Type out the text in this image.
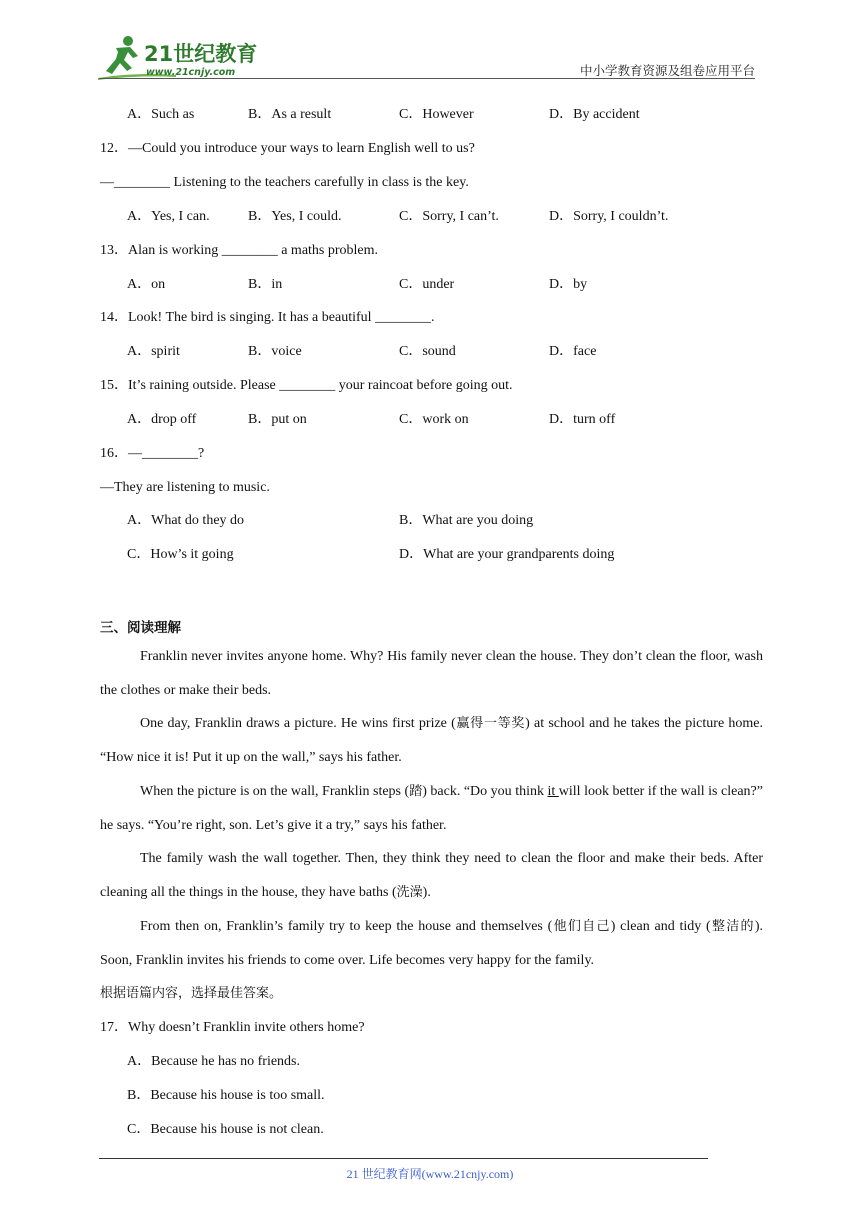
21世纪教育
www.21cnjy.com	中小学教育资源及组卷应用平台
A．Such as	B．As a result	C．However	D．By accident
12．—Could you introduce your ways to learn English well to us?
—________ Listening to the teachers carefully in class is the key.
A．Yes, I can.	B．Yes, I could.	C．Sorry, I can’t.	D．Sorry, I couldn’t.
13．Alan is working ________ a maths problem.
A．on	B．in	C．under	D．by
14．Look! The bird is singing. It has a beautiful ________.
A．spirit	B．voice	C．sound	D．face
15．It’s raining outside. Please ________ your raincoat before going out.
A．drop off	B．put on	C．work on	D．turn off
16．—________?
—They are listening to music.
A．What do they do	B．What are you doing
C．How’s it going	D．What are your grandparents doing
三、阅读理解
Franklin never invites anyone home. Why? His family never clean the house. They don’t clean the floor, wash the clothes or make their beds.
One day, Franklin draws a picture. He wins first prize (赢得一等奖) at school and he takes the picture home. “How nice it is! Put it up on the wall,” says his father.
When the picture is on the wall, Franklin steps (踏) back. “Do you think it will look better if the wall is clean?” he says. “You’re right, son. Let’s give it a try,” says his father.
The family wash the wall together. Then, they think they need to clean the floor and make their beds. After cleaning all the things in the house, they have baths (洗澡).
From then on, Franklin’s family try to keep the house and themselves (他们自己) clean and tidy (整洁的). Soon, Franklin invites his friends to come over. Life becomes very happy for the family.
根据语篇内容，选择最佳答案。
17．Why doesn’t Franklin invite others home?
A．Because he has no friends.
B．Because his house is too small.
C．Because his house is not clean.
21 世纪教育网(www.21cnjy.com)
